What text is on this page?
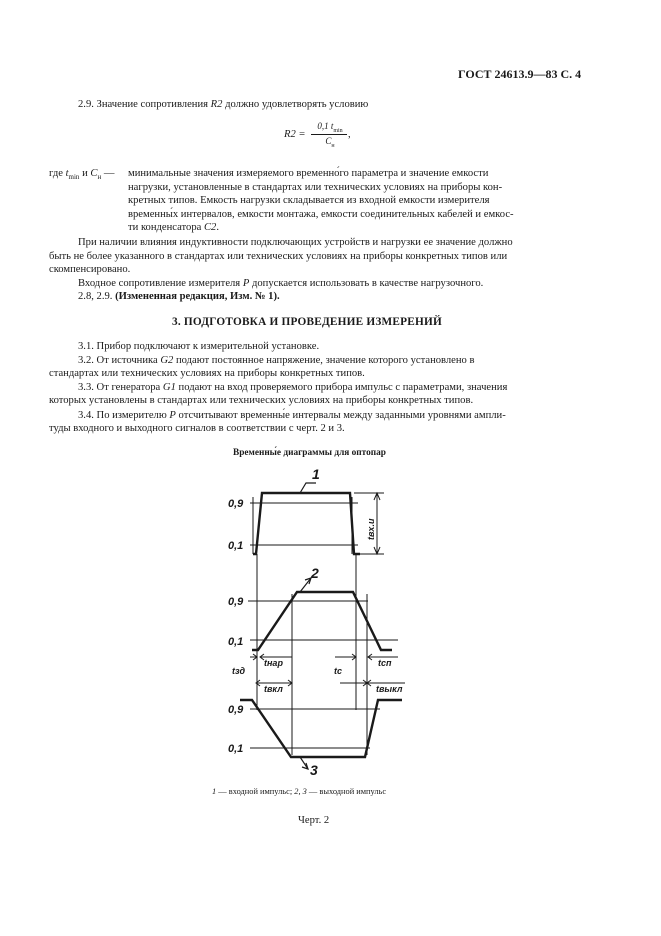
ГОСТ 24613.9—83 С. 4
2.9. Значение сопротивления R2 должно удовлетворять условию
R2 =
0,1 $t_{min}$
$C_н$
,
где $t_{min}$ и $C_н$ — минимальные значения измеряемого временно́го параметра и значение емкости
нагрузки, установленные в стандартах или технических условиях на приборы кон-
кретных типов. Емкость нагрузки складывается из входной емкости измерителя
временны́х интервалов, емкости монтажа, емкости соединительных кабелей и емкос-
ти конденсатора C2.
При наличии влияния индуктивности подключающих устройств и нагрузки ее значение должно
быть не более указанного в стандартах или технических условиях на приборы конкретных типов или
скомпенсировано.
Входное сопротивление измерителя P допускается использовать в качестве нагрузочного.
2.8, 2.9. (Измененная редакция, Изм. № 1).
3. ПОДГОТОВКА И ПРОВЕДЕНИЕ ИЗМЕРЕНИЙ
3.1. Прибор подключают к измерительной установке.
3.2. От источника G2 подают постоянное напряжение, значение которого установлено в
стандартах или технических условиях на приборы конкретных типов.
3.3. От генератора G1 подают на вход проверяемого прибора импульс с параметрами, значения
которых установлены в стандартах или технических условиях на приборы конкретных типов.
3.4. По измерителю P отсчитывают временны́е интервалы между заданными уровнями ампли-
туды входного и выходного сигналов в соответствии с черт. 2 и 3.
Временны́е диаграммы для оптопар
1
2
3
0,9
0,1
0,9
0,1
0,9
0,1
tвх.и
tзд
tнар
tвкл
tс
tсп
tвыкл
1 — входной импульс; 2, 3 — выходной импульс
Черт. 2
